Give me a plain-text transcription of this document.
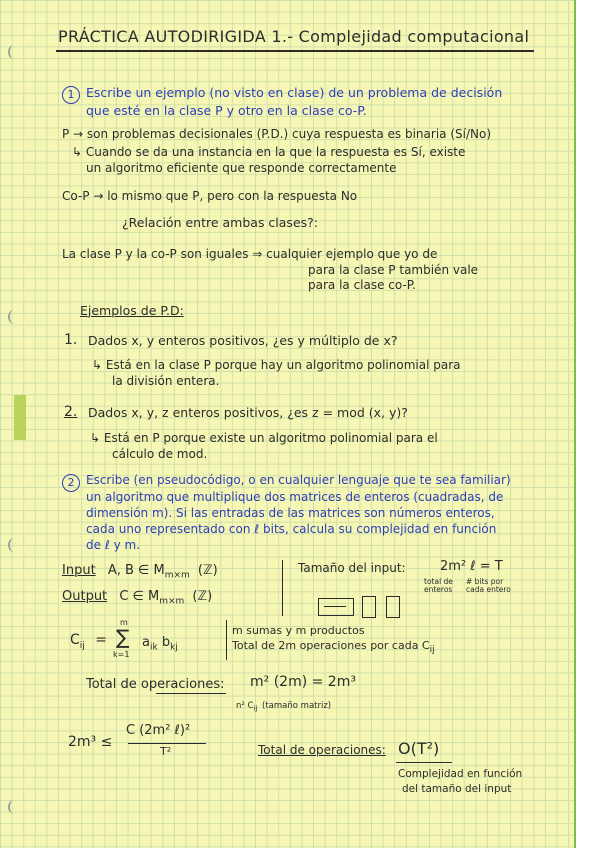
PRÁCTICA AUTODIRIGIDA 1.- Complejidad computacional
1 Escribe un ejemplo (no visto en clase) de un problema de decisión
que esté en la clase P y otro en la clase co-P.
P → son problemas decisionales (P.D.) cuya respuesta es binaria (Sí/No)
↳ Cuando se da una instancia en la que la respuesta es Sí, existe
un algoritmo eficiente que responde correctamente
Co-P → lo mismo que P, pero con la respuesta No
¿Relación entre ambas clases?:
La clase P y la co-P son iguales ⇒ cualquier ejemplo que yo de
para la clase P también vale
para la clase co-P.
Ejemplos de P.D:
1. Dados x, y enteros positivos, ¿es y múltiplo de x?
↳ Está en la clase P porque hay un algoritmo polinomial para
la división entera.
2. Dados x, y, z enteros positivos, ¿es z = mod (x, y)?
↳ Está en P porque existe un algoritmo polinomial para el
cálculo de mod.
2 Escribe (en pseudocódigo, o en cualquier lenguaje que te sea familiar)
un algoritmo que multiplique dos matrices de enteros (cuadradas, de
dimensión m). Si las entradas de las matrices son números enteros,
cada uno representado con ℓ bits, calcula su complejidad en función
de ℓ y m.
Input A, B ∈ $M_{m\times m}$ (ℤ)
Output C ∈ $M_{m\times m}$ (ℤ)
Tamaño del input:	2m² ℓ = T
total de enteros
# bits por cada entero
$C_{ij}$ =
m
∑
k=1
$a_{ik}$ $b_{kj}$
m sumas y m productos
Total de 2m operaciones por cada $C_{ij}$
Total de operaciones: m² (2m) = 2m³
n² $C_{ij}$ (tamaño matriz)
2m³ ≤
C (2m² ℓ)²
T²	Total de operaciones: O(T²)
Complejidad en función
del tamaño del input
